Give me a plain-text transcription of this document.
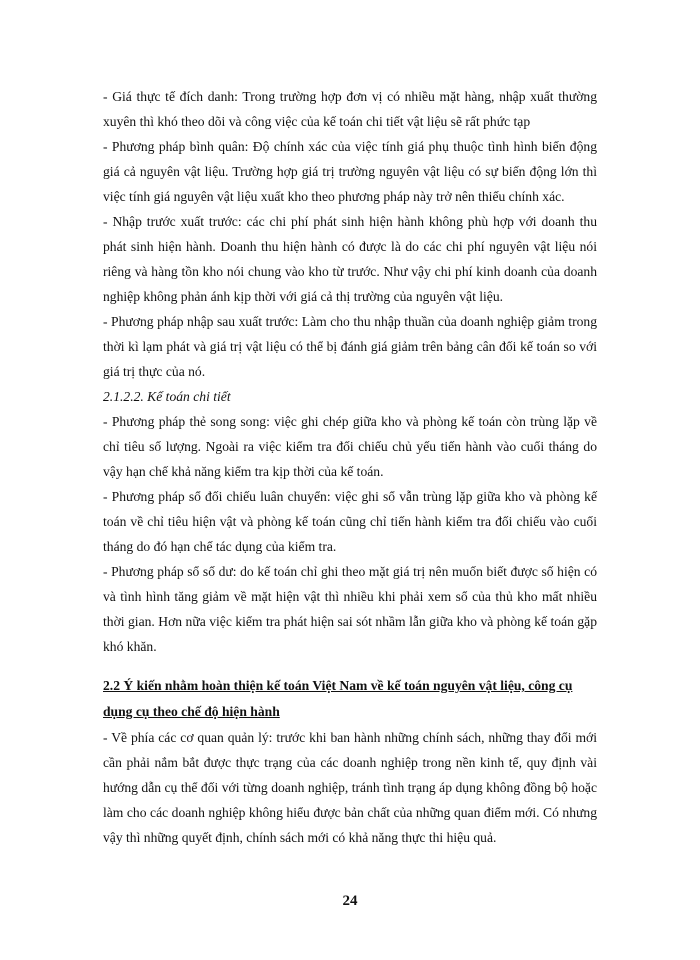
- Giá thực tế đích danh: Trong trường hợp đơn vị có nhiều mặt hàng, nhập xuất thường xuyên thì khó theo dõi và công việc của kế toán chi tiết vật liệu sẽ rất phức tạp

- Phương pháp bình quân: Độ chính xác của việc tính giá phụ thuộc tình hình biến động giá cả nguyên vật liệu. Trường hợp giá trị trường nguyên vật liệu có sự biến động lớn thì việc tính giá nguyên vật liệu xuất kho theo phương pháp này trở nên thiếu chính xác.

- Nhập trước xuất trước: các chi phí phát sinh hiện hành không phù hợp với doanh thu phát sinh hiện hành. Doanh thu hiện hành có được là do các chi phí nguyên vật liệu nói riêng và hàng tồn kho nói chung vào kho từ trước. Như vậy chi phí kinh doanh của doanh nghiệp không phản ánh kịp thời với giá cả thị trường của nguyên vật liệu.

- Phương pháp nhập sau xuất trước: Làm cho thu nhập thuần của doanh nghiệp giảm trong thời kì lạm phát và giá trị vật liệu có thể bị đánh giá giảm trên bảng cân đối kế toán so với giá trị thực của nó.

2.1.2.2. Kế toán chi tiết

- Phương pháp thẻ song song: việc ghi chép giữa kho và phòng kế toán còn trùng lặp về chỉ tiêu số lượng. Ngoài ra việc kiểm tra đối chiếu chủ yếu tiến hành vào cuối tháng do vậy hạn chế khả năng kiểm tra kịp thời của kế toán.

- Phương pháp sổ đối chiếu luân chuyển: việc ghi sổ vẫn trùng lặp giữa kho và phòng kế toán về chỉ tiêu hiện vật và phòng kế toán cũng chỉ tiến hành kiểm tra đối chiếu vào cuối tháng do đó hạn chế tác dụng của kiểm tra.

- Phương pháp sổ số dư: do kế toán chỉ ghi theo mặt giá trị nên muốn biết được số hiện có và tình hình tăng giảm về mặt hiện vật thì nhiều khi phải xem sổ của thủ kho mất nhiều thời gian. Hơn nữa việc kiểm tra phát hiện sai sót nhầm lẫn giữa kho và phòng kế toán gặp khó khăn.

2.2 Ý kiến nhằm hoàn thiện kế toán Việt Nam về kế toán nguyên vật liệu, công cụ dụng cụ theo chế độ hiện hành

- Về phía các cơ quan quản lý: trước khi ban hành những chính sách, những thay đổi mới cần phải nắm bắt được thực trạng của các doanh nghiệp trong nền kinh tế, quy định vài hướng dẫn cụ thể đối với từng doanh nghiệp, tránh tình trạng áp dụng không đồng bộ hoặc làm cho các doanh nghiệp không hiểu được bản chất của những quan điểm mới. Có nhưng vậy thì những quyết định, chính sách mới có khả năng thực thi hiệu quả.

24
